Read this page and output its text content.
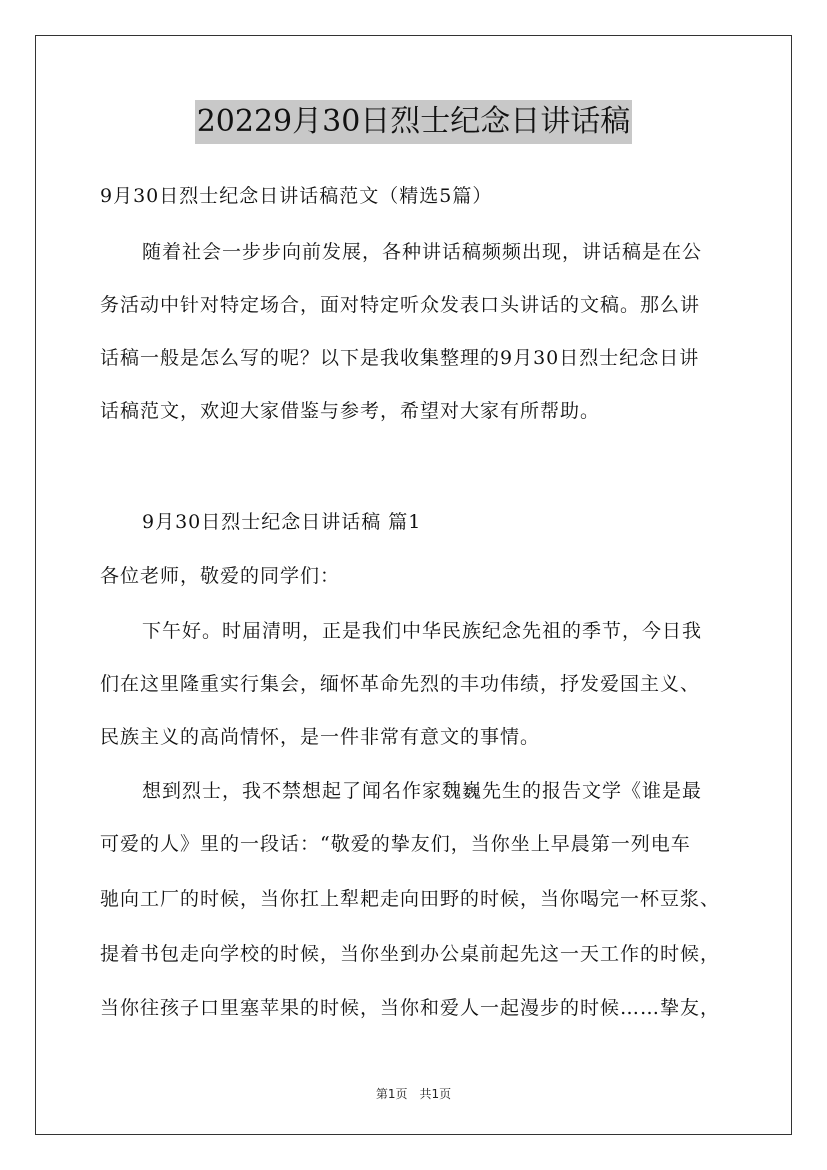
20229月30日烈士纪念日讲话稿
9月30日烈士纪念日讲话稿范文（精选5篇）
随着社会一步步向前发展，各种讲话稿频频出现，讲话稿是在公
务活动中针对特定场合，面对特定听众发表口头讲话的文稿。那么讲
话稿一般是怎么写的呢？以下是我收集整理的9月30日烈士纪念日讲
话稿范文，欢迎大家借鉴与参考，希望对大家有所帮助。
9月30日烈士纪念日讲话稿 篇1
各位老师，敬爱的同学们：
下午好。时届清明，正是我们中华民族纪念先祖的季节，今日我
们在这里隆重实行集会，缅怀革命先烈的丰功伟绩，抒发爱国主义、
民族主义的高尚情怀，是一件非常有意文的事情。
想到烈士，我不禁想起了闻名作家魏巍先生的报告文学《谁是最
可爱的人》里的一段话：“敬爱的挚友们，当你坐上早晨第一列电车
驰向工厂的时候，当你扛上犁耙走向田野的时候，当你喝完一杯豆浆、
提着书包走向学校的时候，当你坐到办公桌前起先这一天工作的时候，
当你往孩子口里塞苹果的时候，当你和爱人一起漫步的时候……挚友，
第1页　共1页
